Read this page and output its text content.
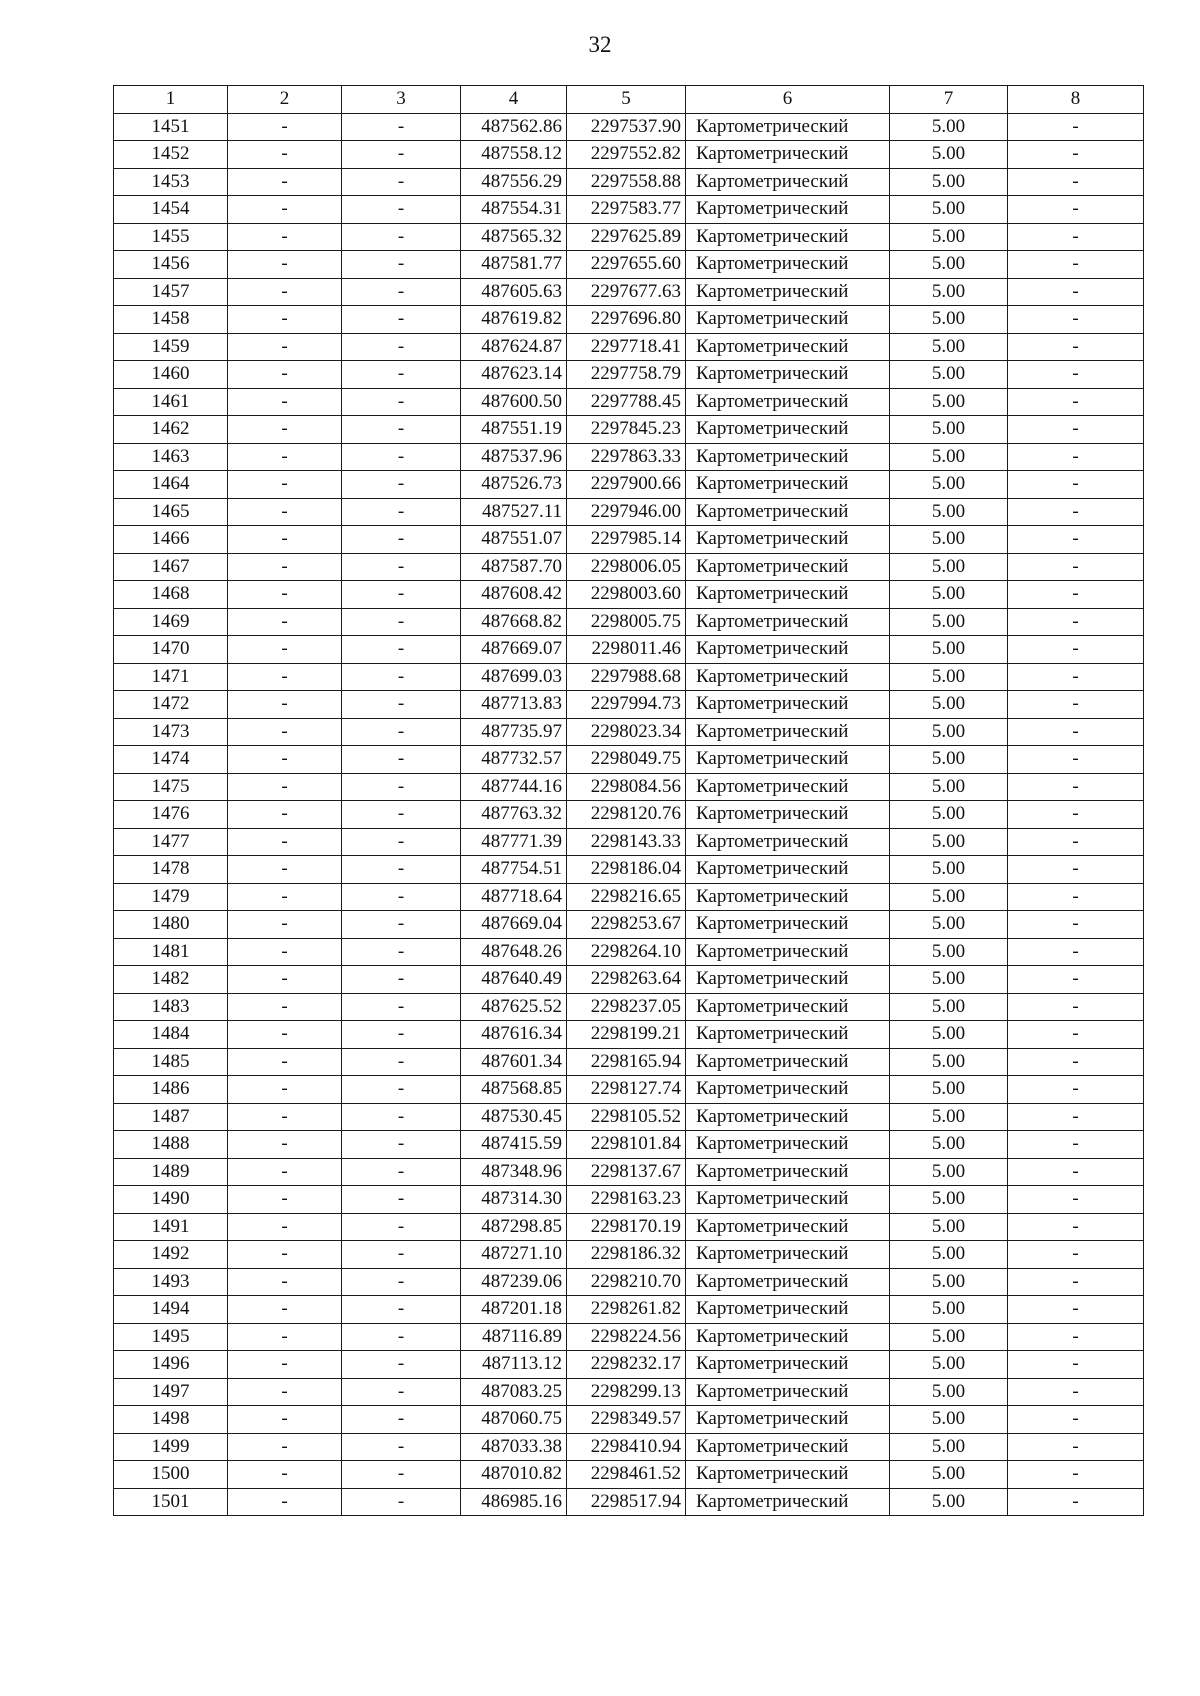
32
1	2	3	4	5	6	7	8
1451	-	-	487562.86	2297537.90	Картометрический	5.00	-
1452	-	-	487558.12	2297552.82	Картометрический	5.00	-
1453	-	-	487556.29	2297558.88	Картометрический	5.00	-
1454	-	-	487554.31	2297583.77	Картометрический	5.00	-
1455	-	-	487565.32	2297625.89	Картометрический	5.00	-
1456	-	-	487581.77	2297655.60	Картометрический	5.00	-
1457	-	-	487605.63	2297677.63	Картометрический	5.00	-
1458	-	-	487619.82	2297696.80	Картометрический	5.00	-
1459	-	-	487624.87	2297718.41	Картометрический	5.00	-
1460	-	-	487623.14	2297758.79	Картометрический	5.00	-
1461	-	-	487600.50	2297788.45	Картометрический	5.00	-
1462	-	-	487551.19	2297845.23	Картометрический	5.00	-
1463	-	-	487537.96	2297863.33	Картометрический	5.00	-
1464	-	-	487526.73	2297900.66	Картометрический	5.00	-
1465	-	-	487527.11	2297946.00	Картометрический	5.00	-
1466	-	-	487551.07	2297985.14	Картометрический	5.00	-
1467	-	-	487587.70	2298006.05	Картометрический	5.00	-
1468	-	-	487608.42	2298003.60	Картометрический	5.00	-
1469	-	-	487668.82	2298005.75	Картометрический	5.00	-
1470	-	-	487669.07	2298011.46	Картометрический	5.00	-
1471	-	-	487699.03	2297988.68	Картометрический	5.00	-
1472	-	-	487713.83	2297994.73	Картометрический	5.00	-
1473	-	-	487735.97	2298023.34	Картометрический	5.00	-
1474	-	-	487732.57	2298049.75	Картометрический	5.00	-
1475	-	-	487744.16	2298084.56	Картометрический	5.00	-
1476	-	-	487763.32	2298120.76	Картометрический	5.00	-
1477	-	-	487771.39	2298143.33	Картометрический	5.00	-
1478	-	-	487754.51	2298186.04	Картометрический	5.00	-
1479	-	-	487718.64	2298216.65	Картометрический	5.00	-
1480	-	-	487669.04	2298253.67	Картометрический	5.00	-
1481	-	-	487648.26	2298264.10	Картометрический	5.00	-
1482	-	-	487640.49	2298263.64	Картометрический	5.00	-
1483	-	-	487625.52	2298237.05	Картометрический	5.00	-
1484	-	-	487616.34	2298199.21	Картометрический	5.00	-
1485	-	-	487601.34	2298165.94	Картометрический	5.00	-
1486	-	-	487568.85	2298127.74	Картометрический	5.00	-
1487	-	-	487530.45	2298105.52	Картометрический	5.00	-
1488	-	-	487415.59	2298101.84	Картометрический	5.00	-
1489	-	-	487348.96	2298137.67	Картометрический	5.00	-
1490	-	-	487314.30	2298163.23	Картометрический	5.00	-
1491	-	-	487298.85	2298170.19	Картометрический	5.00	-
1492	-	-	487271.10	2298186.32	Картометрический	5.00	-
1493	-	-	487239.06	2298210.70	Картометрический	5.00	-
1494	-	-	487201.18	2298261.82	Картометрический	5.00	-
1495	-	-	487116.89	2298224.56	Картометрический	5.00	-
1496	-	-	487113.12	2298232.17	Картометрический	5.00	-
1497	-	-	487083.25	2298299.13	Картометрический	5.00	-
1498	-	-	487060.75	2298349.57	Картометрический	5.00	-
1499	-	-	487033.38	2298410.94	Картометрический	5.00	-
1500	-	-	487010.82	2298461.52	Картометрический	5.00	-
1501	-	-	486985.16	2298517.94	Картометрический	5.00	-
